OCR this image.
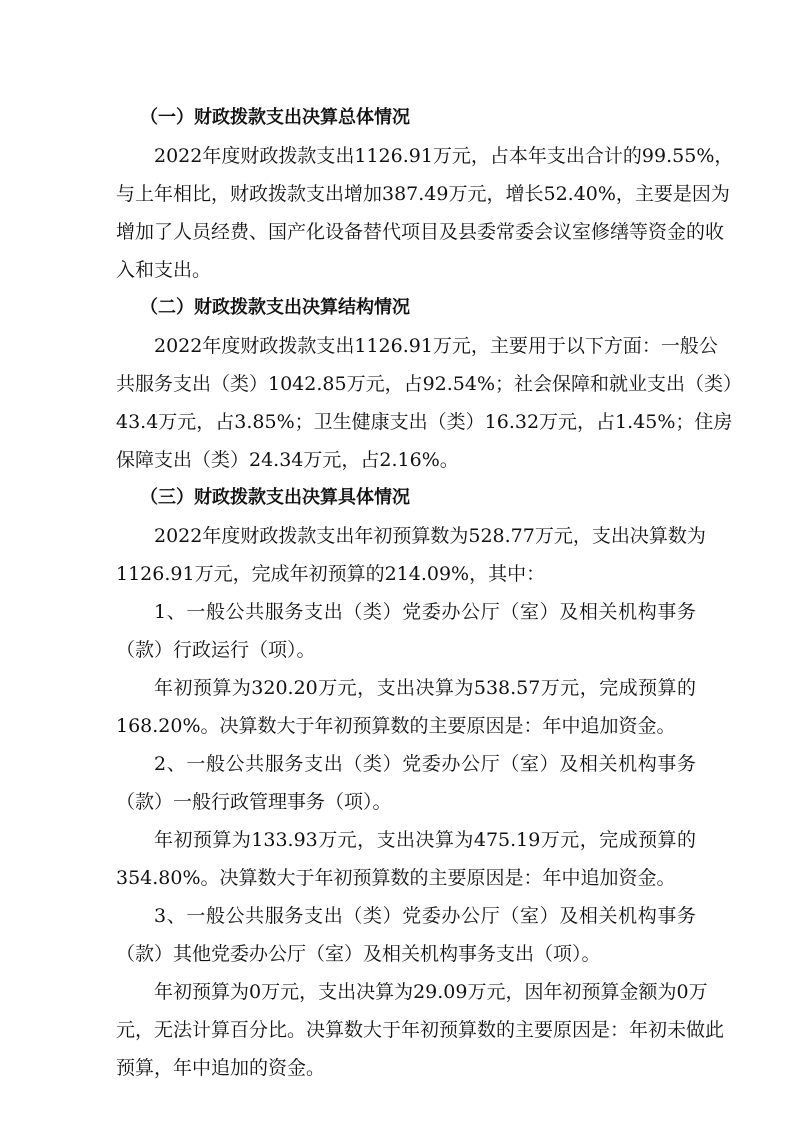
（一）财政拨款支出决算总体情况
2022年度财政拨款支出1126.91万元，占本年支出合计的99.55%，
与上年相比，财政拨款支出增加387.49万元，增长52.40%，主要是因为
增加了人员经费、国产化设备替代项目及县委常委会议室修缮等资金的收
入和支出。
（二）财政拨款支出决算结构情况
2022年度财政拨款支出1126.91万元，主要用于以下方面：一般公
共服务支出（类）1042.85万元，占92.54%；社会保障和就业支出（类）
43.4万元，占3.85%；卫生健康支出（类）16.32万元，占1.45%；住房
保障支出（类）24.34万元，占2.16%。
（三）财政拨款支出决算具体情况
2022年度财政拨款支出年初预算数为528.77万元，支出决算数为
1126.91万元，完成年初预算的214.09%，其中：
1、一般公共服务支出（类）党委办公厅（室）及相关机构事务
（款）行政运行（项）。
年初预算为320.20万元，支出决算为538.57万元，完成预算的
168.20%。决算数大于年初预算数的主要原因是：年中追加资金。
2、一般公共服务支出（类）党委办公厅（室）及相关机构事务
（款）一般行政管理事务（项）。
年初预算为133.93万元，支出决算为475.19万元，完成预算的
354.80%。决算数大于年初预算数的主要原因是：年中追加资金。
3、一般公共服务支出（类）党委办公厅（室）及相关机构事务
（款）其他党委办公厅（室）及相关机构事务支出（项）。
年初预算为0万元，支出决算为29.09万元，因年初预算金额为0万
元，无法计算百分比。决算数大于年初预算数的主要原因是：年初未做此
预算，年中追加的资金。
